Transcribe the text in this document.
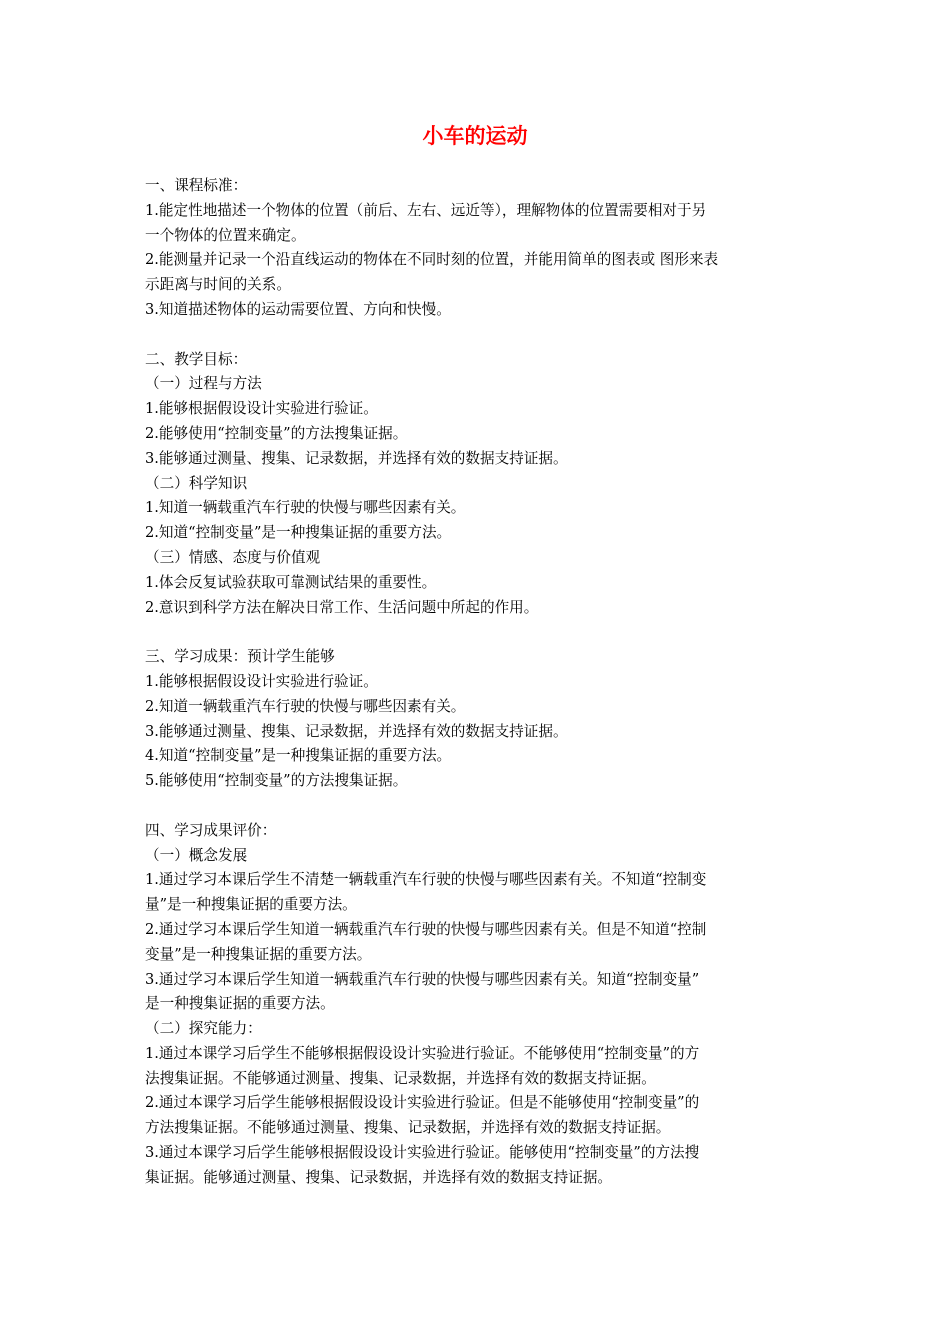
小车的运动
一、课程标准：
1.能定性地描述一个物体的位置（前后、左右、远近等），理解物体的位置需要相对于另
一个物体的位置来确定。
2.能测量并记录一个沿直线运动的物体在不同时刻的位置，并能用简单的图表或 图形来表
示距离与时间的关系。
3.知道描述物体的运动需要位置、方向和快慢。
二、教学目标：
（一）过程与方法
1.能够根据假设设计实验进行验证。
2.能够使用“控制变量”的方法搜集证据。
3.能够通过测量、搜集、记录数据，并选择有效的数据支持证据。
（二）科学知识
1.知道一辆载重汽车行驶的快慢与哪些因素有关。
2.知道“控制变量”是一种搜集证据的重要方法。
（三）情感、态度与价值观
1.体会反复试验获取可靠测试结果的重要性。
2.意识到科学方法在解决日常工作、生活问题中所起的作用。
三、学习成果：预计学生能够
1.能够根据假设设计实验进行验证。
2.知道一辆载重汽车行驶的快慢与哪些因素有关。
3.能够通过测量、搜集、记录数据，并选择有效的数据支持证据。
4.知道“控制变量”是一种搜集证据的重要方法。
5.能够使用“控制变量”的方法搜集证据。
四、学习成果评价：
（一）概念发展
1.通过学习本课后学生不清楚一辆载重汽车行驶的快慢与哪些因素有关。不知道“控制变
量”是一种搜集证据的重要方法。
2.通过学习本课后学生知道一辆载重汽车行驶的快慢与哪些因素有关。但是不知道“控制
变量”是一种搜集证据的重要方法。
3.通过学习本课后学生知道一辆载重汽车行驶的快慢与哪些因素有关。知道“控制变量”
是一种搜集证据的重要方法。
（二）探究能力：
1.通过本课学习后学生不能够根据假设设计实验进行验证。不能够使用“控制变量”的方
法搜集证据。不能够通过测量、搜集、记录数据，并选择有效的数据支持证据。
2.通过本课学习后学生能够根据假设设计实验进行验证。但是不能够使用“控制变量”的
方法搜集证据。不能够通过测量、搜集、记录数据，并选择有效的数据支持证据。
3.通过本课学习后学生能够根据假设设计实验进行验证。能够使用“控制变量”的方法搜
集证据。能够通过测量、搜集、记录数据，并选择有效的数据支持证据。
